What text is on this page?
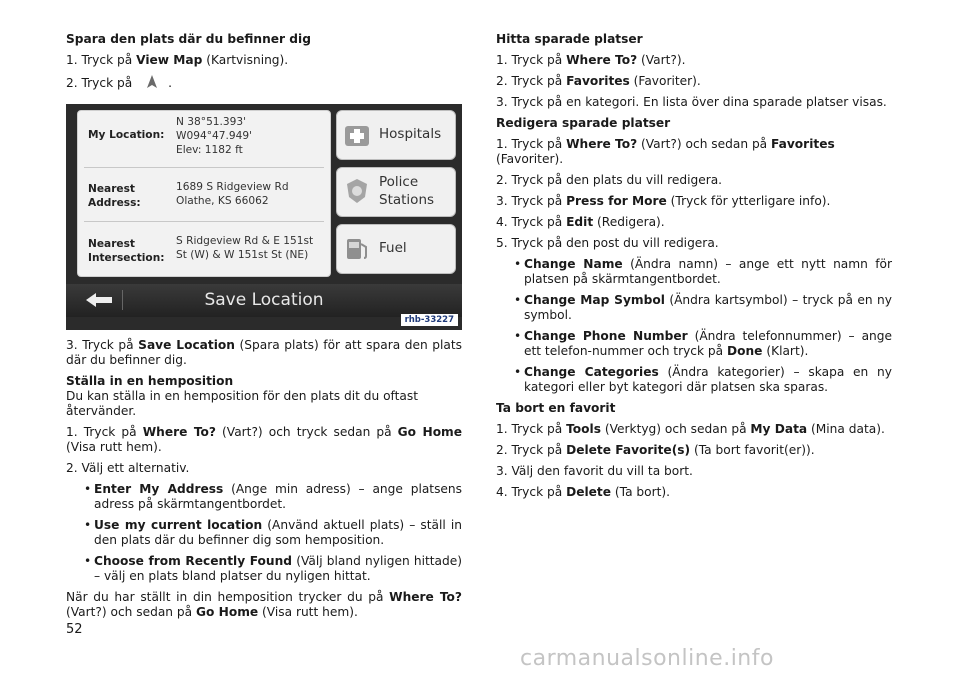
Spara den plats där du befinner dig
1. Tryck på View Map (Kartvisning).
2. Tryck på	.
My Location:
N 38°51.393'
W094°47.949'
Elev: 1182 ft
Nearest
Address:
1689 S Ridgeview Rd
Olathe, KS 66062
Nearest
Intersection:
S Ridgeview Rd & E 151st
St (W) & W 151st St (NE)
Hospitals
Police
Stations
Fuel
Save Location
rhb-33227
3. Tryck på Save Location (Spara plats) för att spara den plats där du befinner dig.
Ställa in en hemposition
Du kan ställa in en hemposition för den plats dit du oftast återvänder.
1. Tryck på Where To? (Vart?) och tryck sedan på Go Home (Visa rutt hem).
2. Välj ett alternativ.
• Enter My Address (Ange min adress) – ange platsens adress på skärmtangentbordet.
• Use my current location (Använd aktuell plats) – ställ in den plats där du befinner dig som hemposition.
• Choose from Recently Found (Välj bland nyligen hittade) – välj en plats bland platser du nyligen hittat.
När du har ställt in din hemposition trycker du på Where To? (Vart?) och sedan på Go Home (Visa rutt hem).
Hitta sparade platser
1. Tryck på Where To? (Vart?).
2. Tryck på Favorites (Favoriter).
3. Tryck på en kategori. En lista över dina sparade platser visas.
Redigera sparade platser
1. Tryck på Where To? (Vart?) och sedan på Favorites (Favoriter).
2. Tryck på den plats du vill redigera.
3. Tryck på Press for More (Tryck för ytterligare info).
4. Tryck på Edit (Redigera).
5. Tryck på den post du vill redigera.
• Change Name (Ändra namn) – ange ett nytt namn för platsen på skärmtangentbordet.
• Change Map Symbol (Ändra kartsymbol) – tryck på en ny symbol.
• Change Phone Number (Ändra telefonnummer) – ange ett telefon-nummer och tryck på Done (Klart).
• Change Categories (Ändra kategorier) – skapa en ny kategori eller byt kategori där platsen ska sparas.
Ta bort en favorit
1. Tryck på Tools (Verktyg) och sedan på My Data (Mina data).
2. Tryck på Delete Favorite(s) (Ta bort favorit(er)).
3. Välj den favorit du vill ta bort.
4. Tryck på Delete (Ta bort).
52
carmanualsonline.info
